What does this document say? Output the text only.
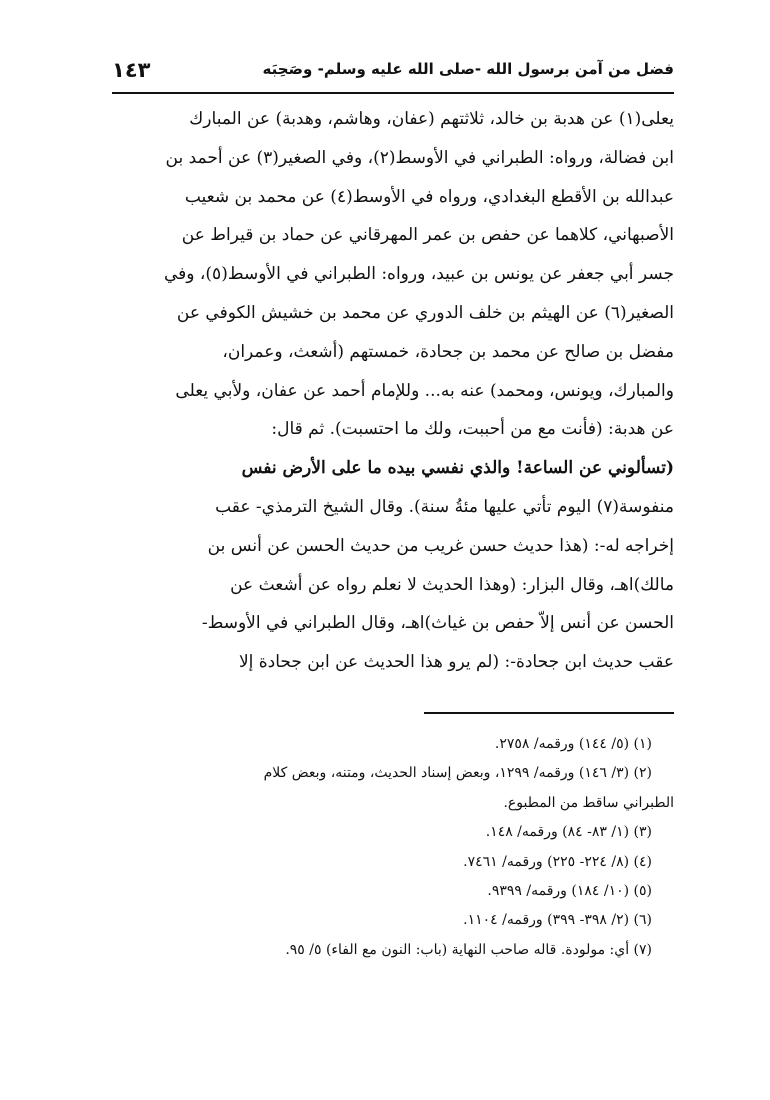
فضل من آمن برسول الله -صلى الله عليه وسلم- وصَحِبَه
١٤٣
يعلى(١) عن هدبة بن خالد، ثلاثتهم (عفان، وهاشم، وهدبة) عن المبارك
ابن فضالة، ورواه: الطبراني في الأوسط(٢)، وفي الصغير(٣) عن أحمد بن
عبدالله بن الأقطع البغدادي، ورواه في الأوسط(٤) عن محمد بن شعيب
الأصبهاني، كلاهما عن حفص بن عمر المهرقاني عن حماد بن قيراط عن
جسر أبي جعفر عن يونس بن عبيد، ورواه: الطبراني في الأوسط(٥)، وفي
الصغير(٦) عن الهيثم بن خلف الدوري عن محمد بن خشيش الكوفي عن
مفضل بن صالح عن محمد بن جحادة، خمستهم (أشعث، وعمران،
والمبارك، ويونس، ومحمد) عنه به... وللإمام أحمد عن عفان، ولأبي يعلى
عن هدبة: (فأنت مع من أحببت، ولك ما احتسبت). ثم قال:
(تسألوني عن الساعة! والذي نفسي بيده ما على الأرض نفس
منفوسة(٧) اليوم تأتي عليها مئةُ سنة). وقال الشيخ الترمذي- عقب
إخراجه له-: (هذا حديث حسن غريب من حديث الحسن عن أنس بن
مالك)اهـ، وقال البزار: (وهذا الحديث لا نعلم رواه عن أشعث عن
الحسن عن أنس إلاّ حفص بن غياث)اهـ، وقال الطبراني في الأوسط-
عقب حديث ابن جحادة-: (لم يرو هذا الحديث عن ابن جحادة إلا
(١) (٥/ ١٤٤) ورقمه/ ٢٧٥٨.
(٢) (٣/ ١٤٦) ورقمه/ ١٢٩٩، وبعض إسناد الحديث، ومتنه، وبعض كلام
الطبراني ساقط من المطبوع.
(٣) (١/ ٨٣- ٨٤) ورقمه/ ١٤٨.
(٤) (٨/ ٢٢٤- ٢٢٥) ورقمه/ ٧٤٦١.
(٥) (١٠/ ١٨٤) ورقمه/ ٩٣٩٩.
(٦) (٢/ ٣٩٨- ٣٩٩) ورقمه/ ١١٠٤.
(٧) أي: مولودة. قاله صاحب النهاية (باب: النون مع الفاء) ٥/ ٩٥.
